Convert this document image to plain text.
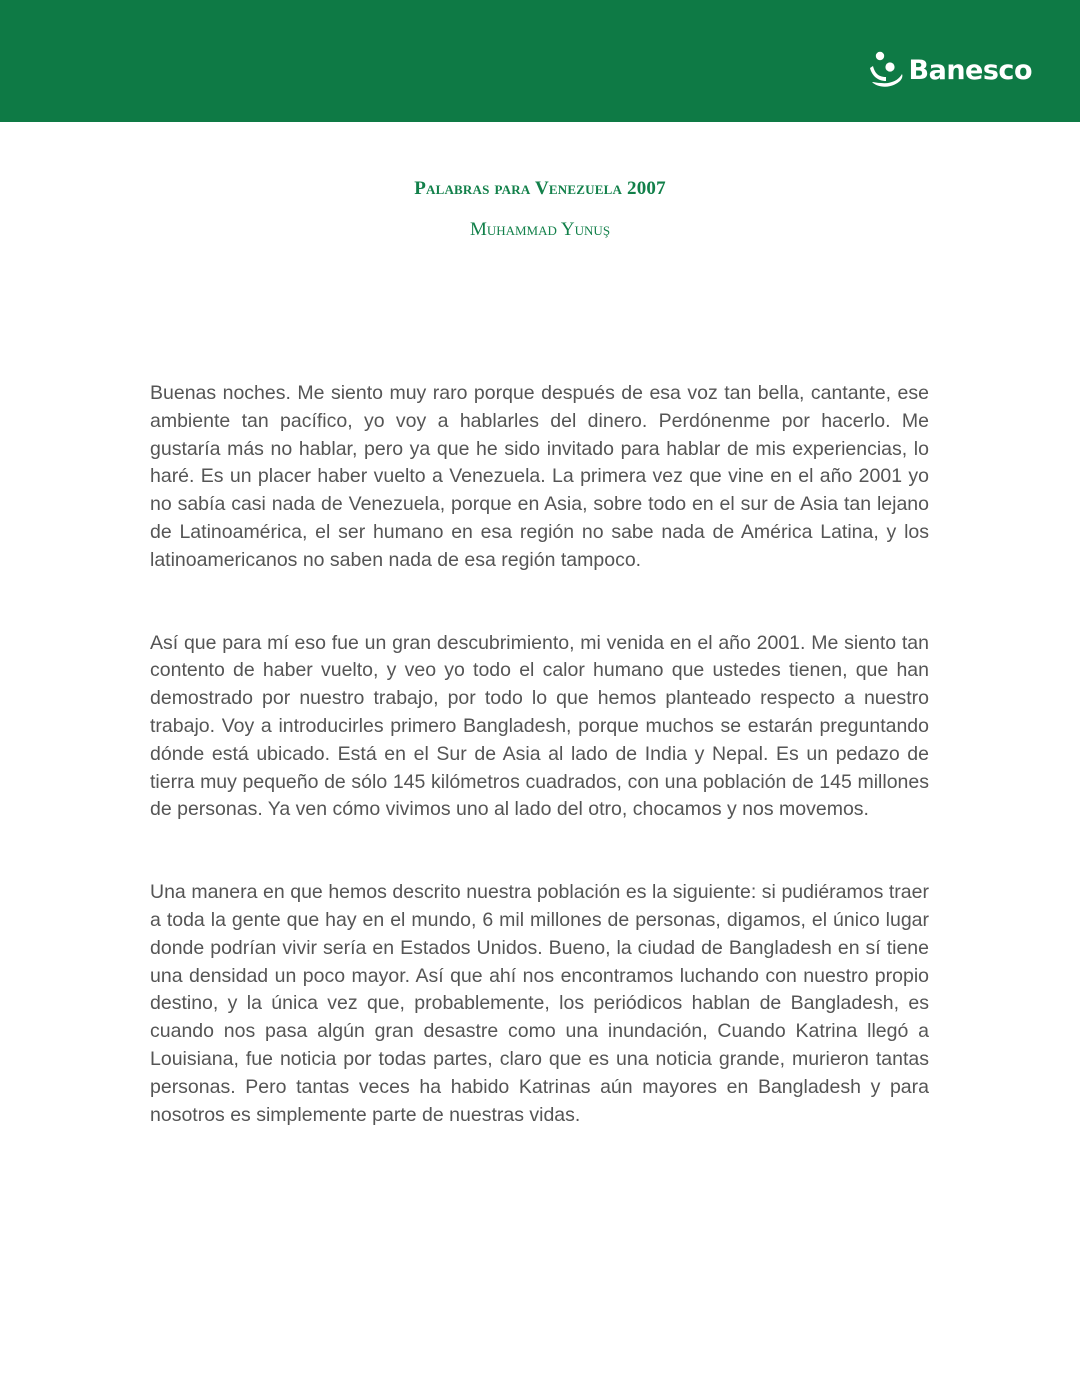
Banesco
Palabras para Venezuela 2007
Muhammad Yunuş

Buenas noches. Me siento muy raro porque después de esa voz tan bella, cantante, ese ambiente tan pacífico, yo voy a hablarles del dinero. Perdónenme por hacerlo. Me gustaría más no hablar, pero ya que he sido invitado para hablar de mis experiencias, lo haré. Es un placer haber vuelto a Venezuela. La primera vez que vine en el año 2001 yo no sabía casi nada de Venezuela, porque en Asia, sobre todo en el sur de Asia tan lejano de Latinoamérica, el ser humano en esa región no sabe nada de América Latina, y los latinoamericanos no saben nada de esa región tampoco.

Así que para mí eso fue un gran descubrimiento, mi venida en el año 2001. Me siento tan contento de haber vuelto, y veo yo todo el calor humano que ustedes tienen, que han demostrado por nuestro trabajo, por todo lo que hemos planteado respecto a nuestro trabajo. Voy a introducirles primero Bangladesh, porque muchos se estarán preguntando dónde está ubicado. Está en el Sur de Asia al lado de India y Nepal. Es un pedazo de tierra muy pequeño de sólo 145 kilómetros cuadrados, con una población de 145 millones de personas. Ya ven cómo vivimos uno al lado del otro, chocamos y nos movemos.

Una manera en que hemos descrito nuestra población es la siguiente: si pudiéramos traer a toda la gente que hay en el mundo, 6 mil millones de personas, digamos, el único lugar donde podrían vivir sería en Estados Unidos. Bueno, la ciudad de Bangladesh en sí tiene una densidad un poco mayor. Así que ahí nos encontramos luchando con nuestro propio destino, y la única vez que, probablemente, los periódicos hablan de Bangladesh, es cuando nos pasa algún gran desastre como una inundación, Cuando Katrina llegó a Louisiana, fue noticia por todas partes, claro que es una noticia grande, murieron tantas personas. Pero tantas veces ha habido Katrinas aún mayores en Bangladesh y para nosotros es simplemente parte de nuestras vidas.
